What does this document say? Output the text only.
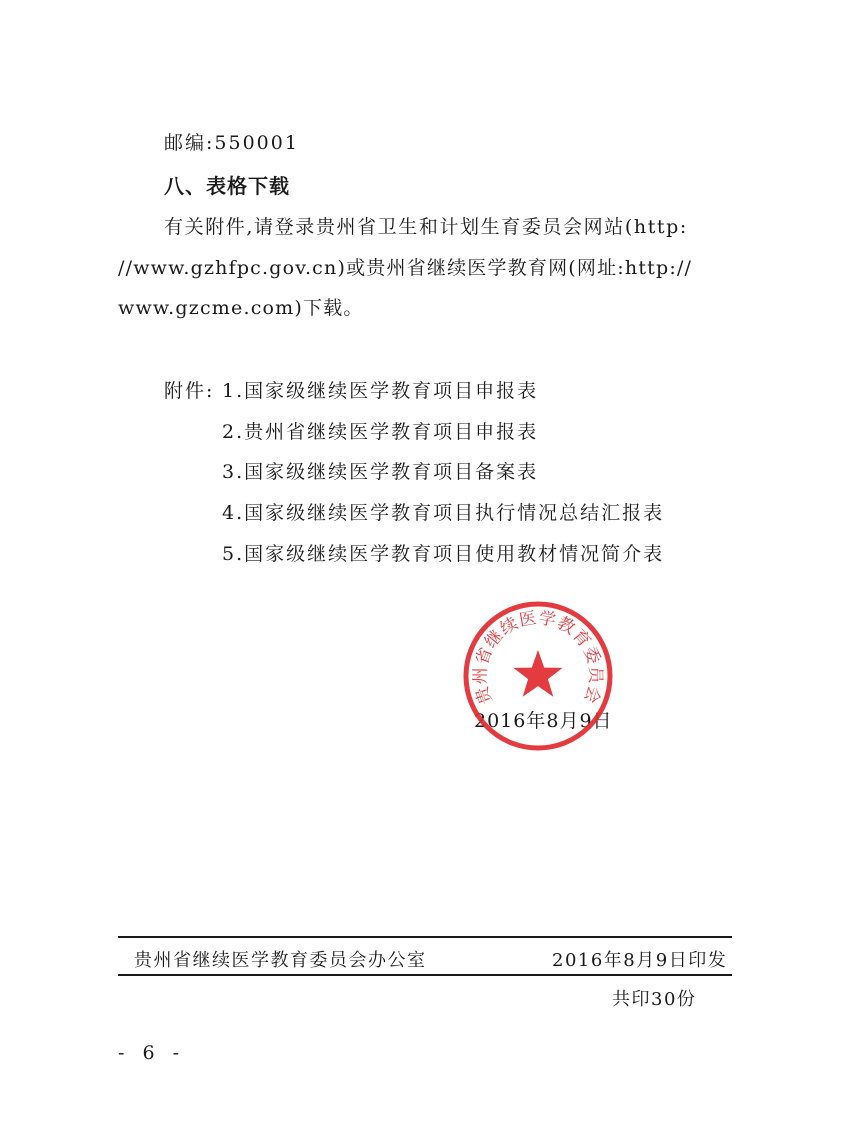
邮编:550001
八、表格下载
有关附件,请登录贵州省卫生和计划生育委员会网站(http:
//www.gzhfpc.gov.cn)或贵州省继续医学教育网(网址:http://
www.gzcme.com)下载。
附件: 1.国家级继续医学教育项目申报表
2.贵州省继续医学教育项目申报表
3.国家级继续医学教育项目备案表
4.国家级继续医学教育项目执行情况总结汇报表
5.国家级继续医学教育项目使用教材情况简介表
2016年8月9日
贵州省继续医学教育委员会
贵州省继续医学教育委员会办公室	2016年8月9日印发
共印30份
- 6 -
